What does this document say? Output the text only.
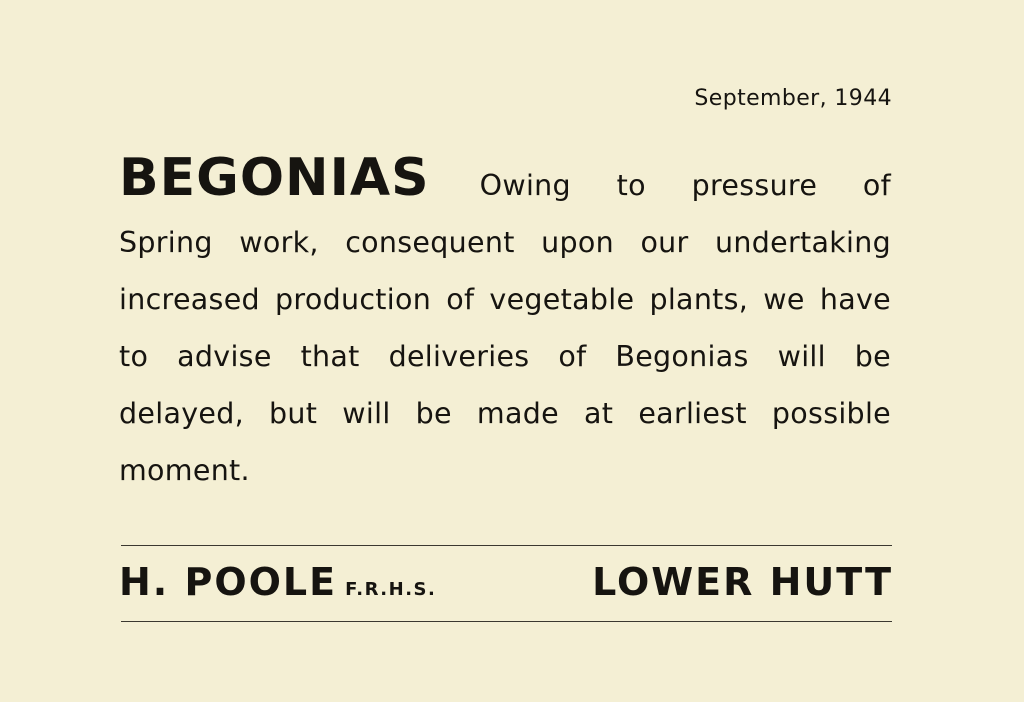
September, 1944
BEGONIAS Owing to pressure of Spring work, consequent upon our undertaking increased production of vegetable plants, we have to advise that deliveries of Begonias will be delayed, but will be made at earliest possible moment.
H. POOLE F.R.H.S.	LOWER HUTT
